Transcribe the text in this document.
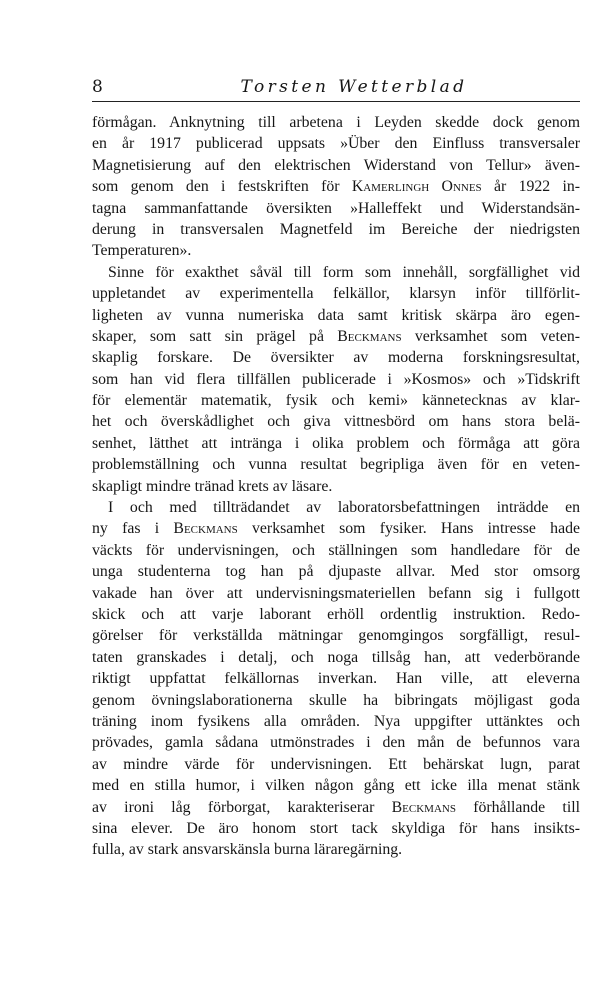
8	Torsten Wetterblad
förmågan. Anknytning till arbetena i Leyden skedde dock genom
en år 1917 publicerad uppsats »Über den Einfluss transversaler
Magnetisierung auf den elektrischen Widerstand von Tellur» även-
som genom den i festskriften för Kamerlingh Onnes år 1922 in-
tagna sammanfattande översikten »Halleffekt und Widerstandsän-
derung in transversalen Magnetfeld im Bereiche der niedrigsten
Temperaturen».
Sinne för exakthet såväl till form som innehåll, sorgfällighet vid
uppletandet av experimentella felkällor, klarsyn inför tillförlit-
ligheten av vunna numeriska data samt kritisk skärpa äro egen-
skaper, som satt sin prägel på Beckmans verksamhet som veten-
skaplig forskare. De översikter av moderna forskningsresultat,
som han vid flera tillfällen publicerade i »Kosmos» och »Tidskrift
för elementär matematik, fysik och kemi» kännetecknas av klar-
het och överskådlighet och giva vittnesbörd om hans stora belä-
senhet, lätthet att intränga i olika problem och förmåga att göra
problemställning och vunna resultat begripliga även för en veten-
skapligt mindre tränad krets av läsare.
I och med tillträdandet av laboratorsbefattningen inträdde en
ny fas i Beckmans verksamhet som fysiker. Hans intresse hade
väckts för undervisningen, och ställningen som handledare för de
unga studenterna tog han på djupaste allvar. Med stor omsorg
vakade han över att undervisningsmateriellen befann sig i fullgott
skick och att varje laborant erhöll ordentlig instruktion. Redo-
görelser för verkställda mätningar genomgingos sorgfälligt, resul-
taten granskades i detalj, och noga tillsåg han, att vederbörande
riktigt uppfattat felkällornas inverkan. Han ville, att eleverna
genom övningslaborationerna skulle ha bibringats möjligast goda
träning inom fysikens alla områden. Nya uppgifter uttänktes och
prövades, gamla sådana utmönstrades i den mån de befunnos vara
av mindre värde för undervisningen. Ett behärskat lugn, parat
med en stilla humor, i vilken någon gång ett icke illa menat stänk
av ironi låg förborgat, karakteriserar Beckmans förhållande till
sina elever. De äro honom stort tack skyldiga för hans insikts-
fulla, av stark ansvarskänsla burna läraregärning.
